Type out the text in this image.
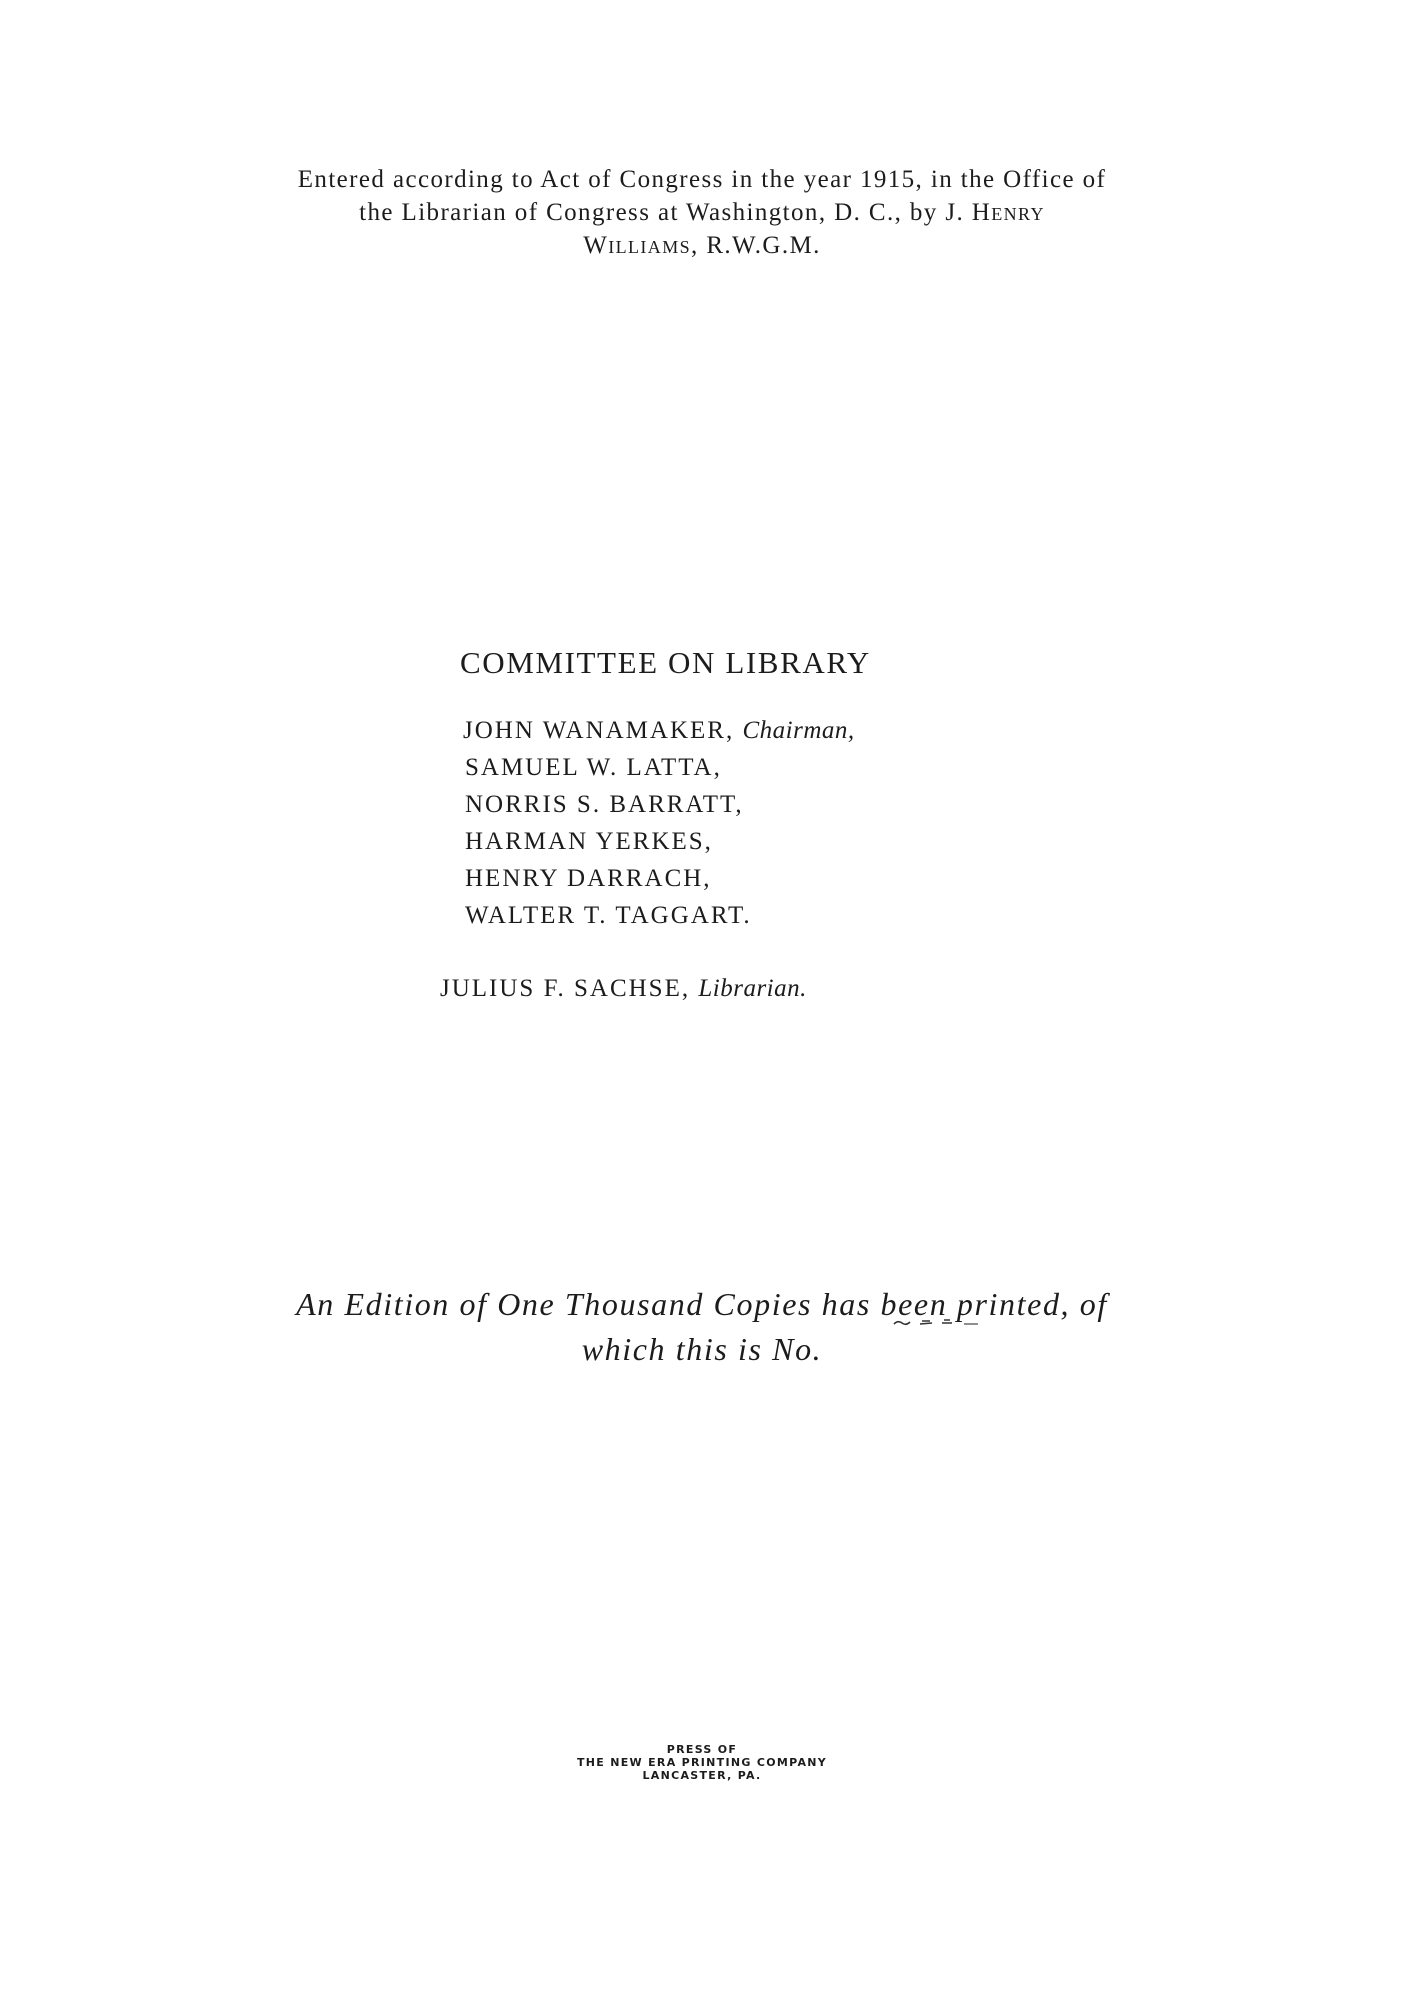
Entered according to Act of Congress in the year 1915, in the Office of
the Librarian of Congress at Washington, D. C., by J. Henry
Williams, R.W.G.M.
COMMITTEE ON LIBRARY
JOHN WANAMAKER, Chairman,
SAMUEL W. LATTA,
NORRIS S. BARRATT,
HARMAN YERKES,
HENRY DARRACH,
WALTER T. TAGGART.
JULIUS F. SACHSE, Librarian.
An Edition of One Thousand Copies has been printed, of
which this is No.
PRESS OF
THE NEW ERA PRINTING COMPANY
LANCASTER, PA.
